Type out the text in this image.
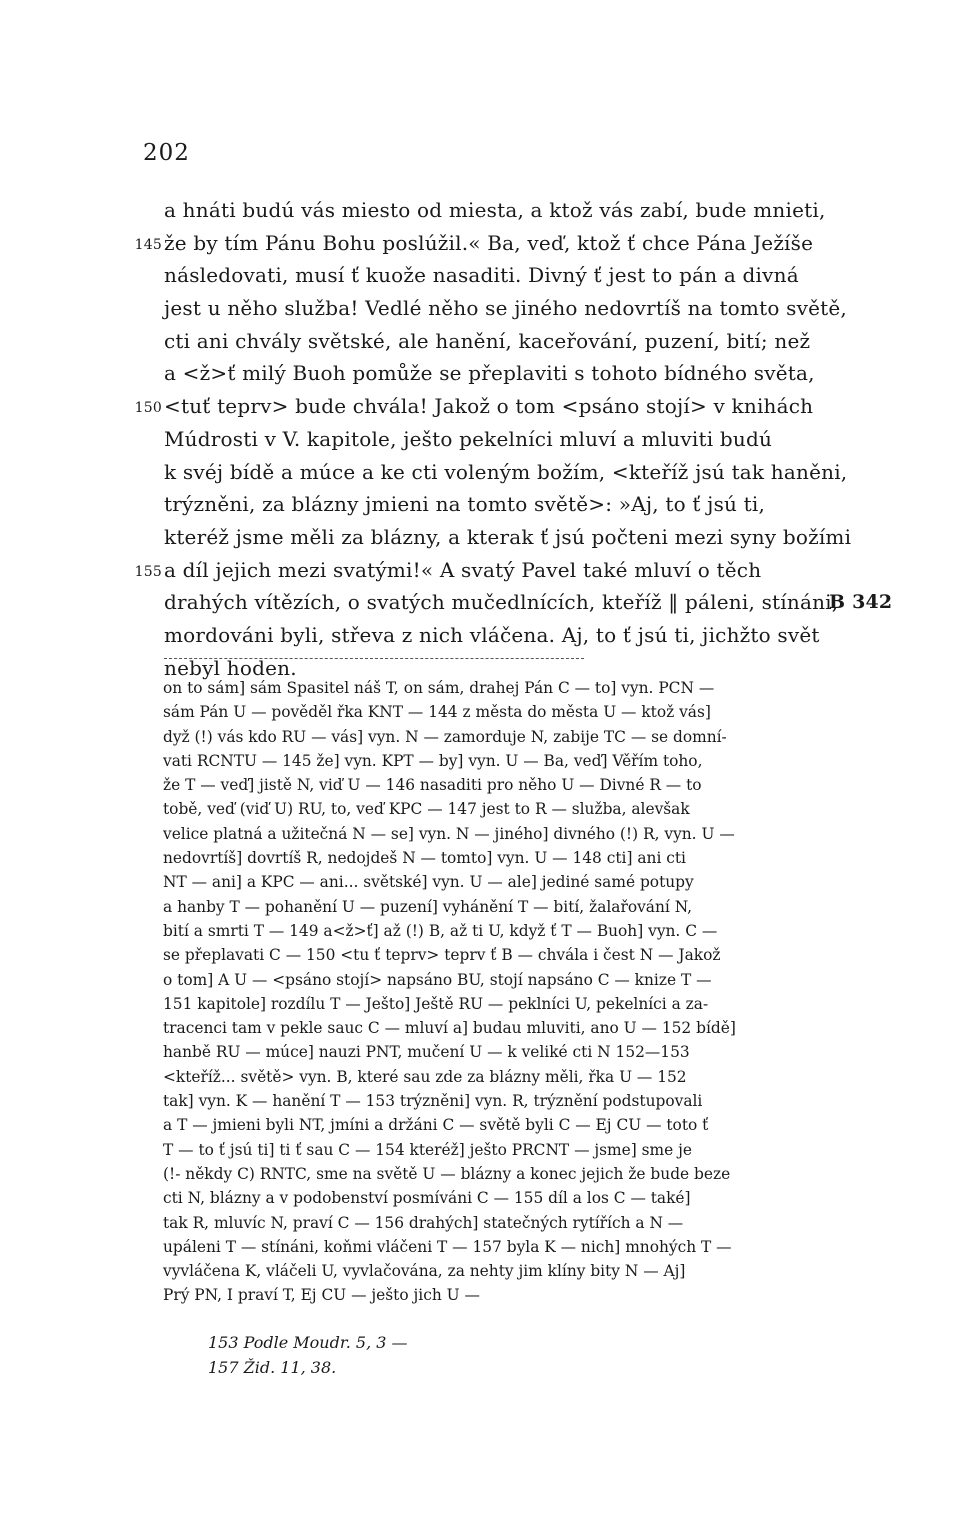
202
a hnáti budú vás miesto od miesta, a ktož vás zabí, bude mnieti,
145 že by tím Pánu Bohu poslúžil.« Ba, veď, ktož ť chce Pána Ježíše
následovati, musí ť kuože nasaditi. Divný ť jest to pán a divná
jest u něho služba! Vedlé něho se jiného nedovrtíš na tomto světě,
cti ani chvály světské, ale hanění, kaceřování, puzení, bití; než
a <ž>ť milý Buoh pomůže se přeplaviti s tohoto bídného světa,
150 <tuť teprv> bude chvála! Jakož o tom <psáno stojí> v knihách
Múdrosti v V. kapitole, ješto pekelníci mluví a mluviti budú
k svéj bídě a múce a ke cti voleným božím, <kteříž jsú tak haněni,
trýzněni, za blázny jmieni na tomto světě>: »Aj, to ť jsú ti,
kteréž jsme měli za blázny, a kterak ť jsú počteni mezi syny božími
155 a díl jejich mezi svatými!« A svatý Pavel také mluví o těch
drahých vítězích, o svatých mučedlnících, kteříž ‖ páleni, stínáni,
B 342
mordováni byli, střeva z nich vláčena. Aj, to ť jsú ti, jichžto svět
nebyl hoden.
on to sám] sám Spasitel náš T, on sám, drahej Pán C — to] vyn. PCN —
sám Pán U — pověděl řka KNT — 144 z města do města U — ktož vás]
dyž (!) vás kdo RU — vás] vyn. N — zamorduje N, zabije TC — se domní-
vati RCNTU — 145 že] vyn. KPT — by] vyn. U — Ba, veď] Věřím toho,
že T — veď] jistě N, viď U — 146 nasaditi pro něho U — Divné R — to
tobě, veď (viď U) RU, to, veď KPC — 147 jest to R — služba, alevšak
velice platná a užitečná N — se] vyn. N — jiného] divného (!) R, vyn. U —
nedovrtíš] dovrtíš R, nedojdeš N — tomto] vyn. U — 148 cti] ani cti
NT — ani] a KPC — ani... světské] vyn. U — ale] jediné samé potupy
a hanby T — pohanění U — puzení] vyhánění T — bití, žalařování N,
bití a smrti T — 149 a<ž>ť] až (!) B, až ti U, když ť T — Buoh] vyn. C —
se přeplavati C — 150 <tu ť teprv> teprv ť B — chvála i čest N — Jakož
o tom] A U — <psáno stojí> napsáno BU, stojí napsáno C — knize T —
151 kapitole] rozdílu T — Ješto] Ještě RU — peklníci U, pekelníci a za-
tracenci tam v pekle sauc C — mluví a] budau mluviti, ano U — 152 bídě]
hanbě RU — múce] nauzi PNT, mučení U — k veliké cti N 152—153
<kteříž... světě> vyn. B, které sau zde za blázny měli, řka U — 152
tak] vyn. K — hanění T — 153 trýzněni] vyn. R, trýznění podstupovali
a T — jmieni byli NT, jmíni a držáni C — světě byli C — Ej CU — toto ť
T — to ť jsú ti] ti ť sau C — 154 kteréž] ješto PRCNT — jsme] sme je
(!- někdy C) RNTC, sme na světě U — blázny a konec jejich že bude beze
cti N, blázny a v podobenství posmíváni C — 155 díl a los C — také]
tak R, mluvíc N, praví C — 156 drahých] statečných rytířích a N —
upáleni T — stínáni, koňmi vláčeni T — 157 byla K — nich] mnohých T —
vyvláčena K, vláčeli U, vyvlačována, za nehty jim klíny bity N — Aj]
Prý PN, I praví T, Ej CU — ješto jich U —
153 Podle Moudr. 5, 3 —
157 Žid. 11, 38.
